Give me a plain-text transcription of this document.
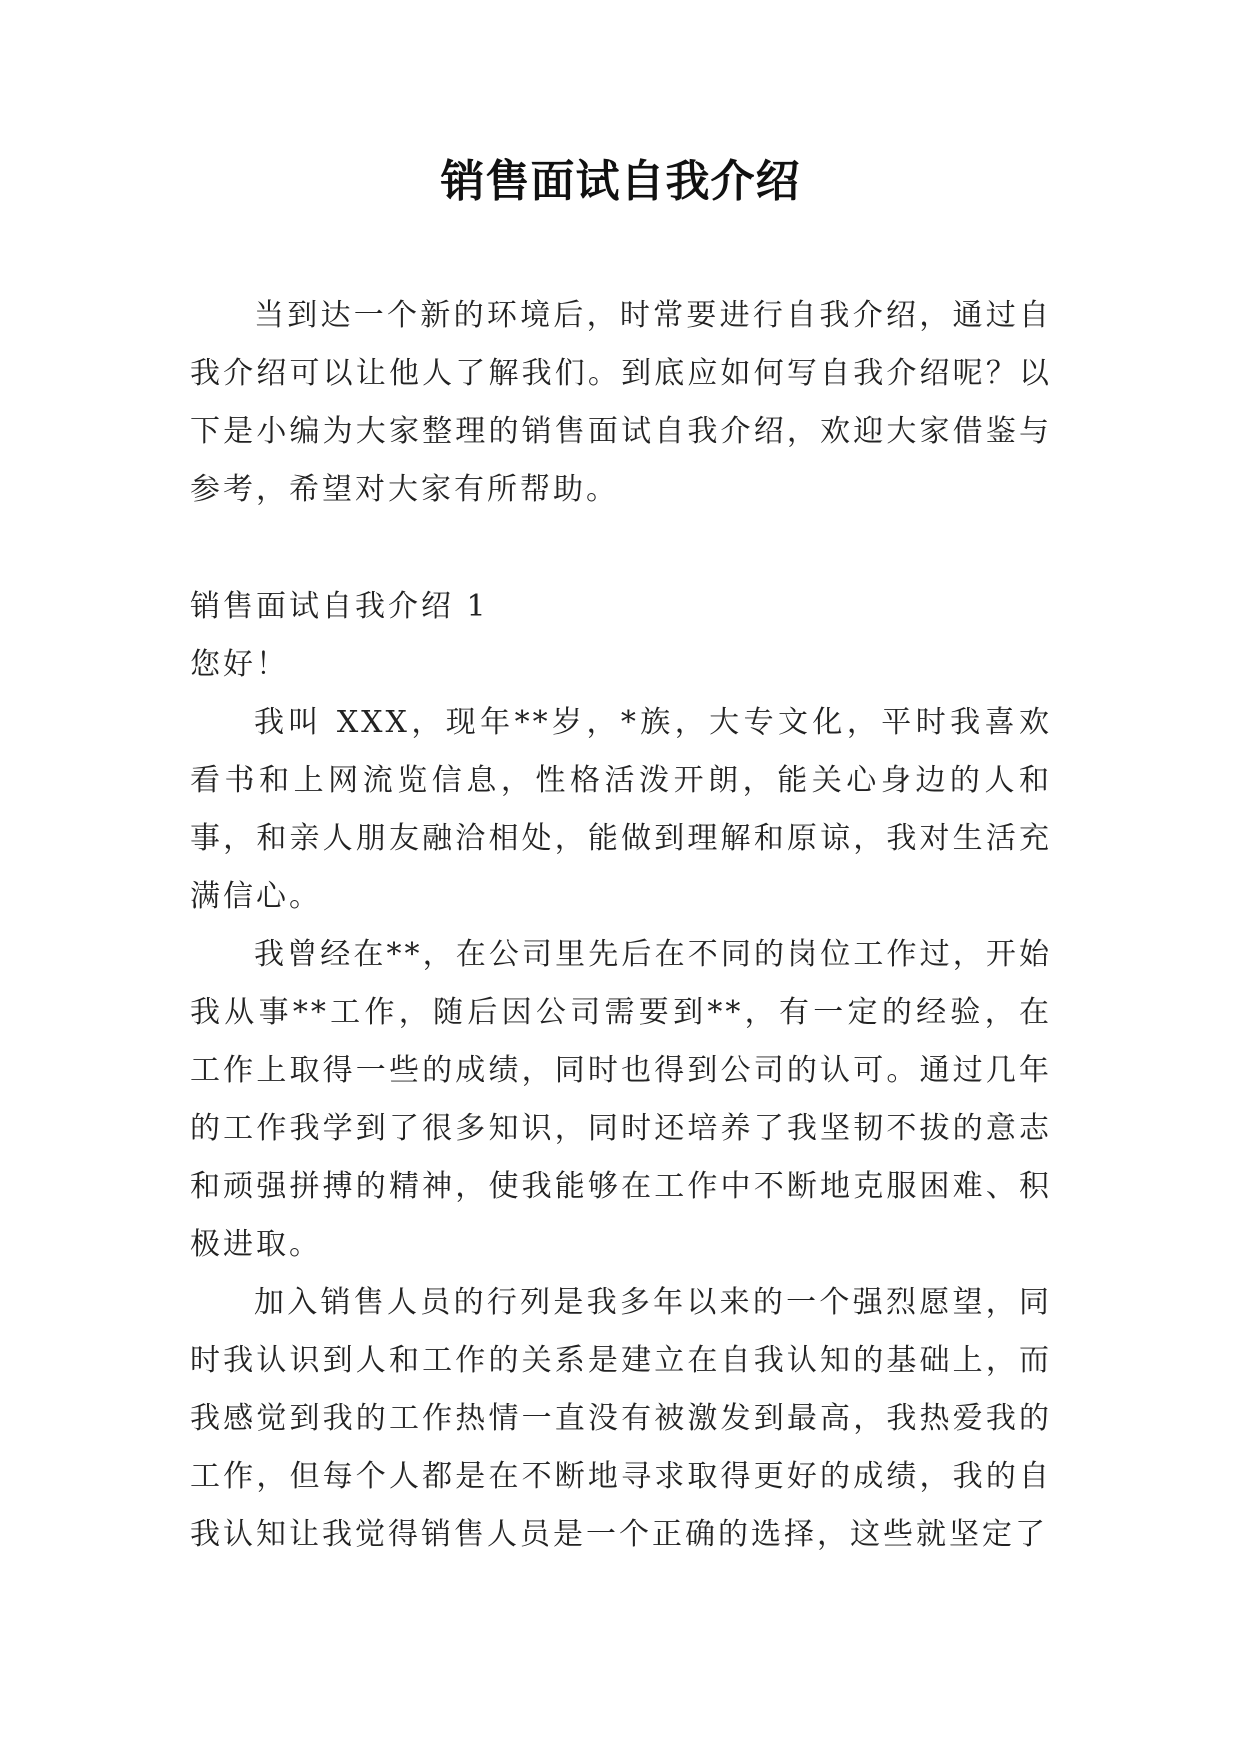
销售面试自我介绍

当到达一个新的环境后，时常要进行自我介绍，通过自我介绍可以让他人了解我们。到底应如何写自我介绍呢？以下是小编为大家整理的销售面试自我介绍，欢迎大家借鉴与参考，希望对大家有所帮助。

销售面试自我介绍 1

您好！

我叫 XXX，现年**岁，*族，大专文化，平时我喜欢看书和上网流览信息，性格活泼开朗，能关心身边的人和事，和亲人朋友融洽相处，能做到理解和原谅，我对生活充满信心。

我曾经在**，在公司里先后在不同的岗位工作过，开始我从事**工作，随后因公司需要到**，有一定的经验，在工作上取得一些的成绩，同时也得到公司的认可。通过几年的工作我学到了很多知识，同时还培养了我坚韧不拔的意志和顽强拼搏的精神，使我能够在工作中不断地克服困难、积极进取。

加入销售人员的行列是我多年以来的一个强烈愿望，同时我认识到人和工作的关系是建立在自我认知的基础上，而我感觉到我的工作热情一直没有被激发到最高，我热爱我的工作，但每个人都是在不断地寻求取得更好的成绩，我的自我认知让我觉得销售人员是一个正确的选择，这些就坚定了
